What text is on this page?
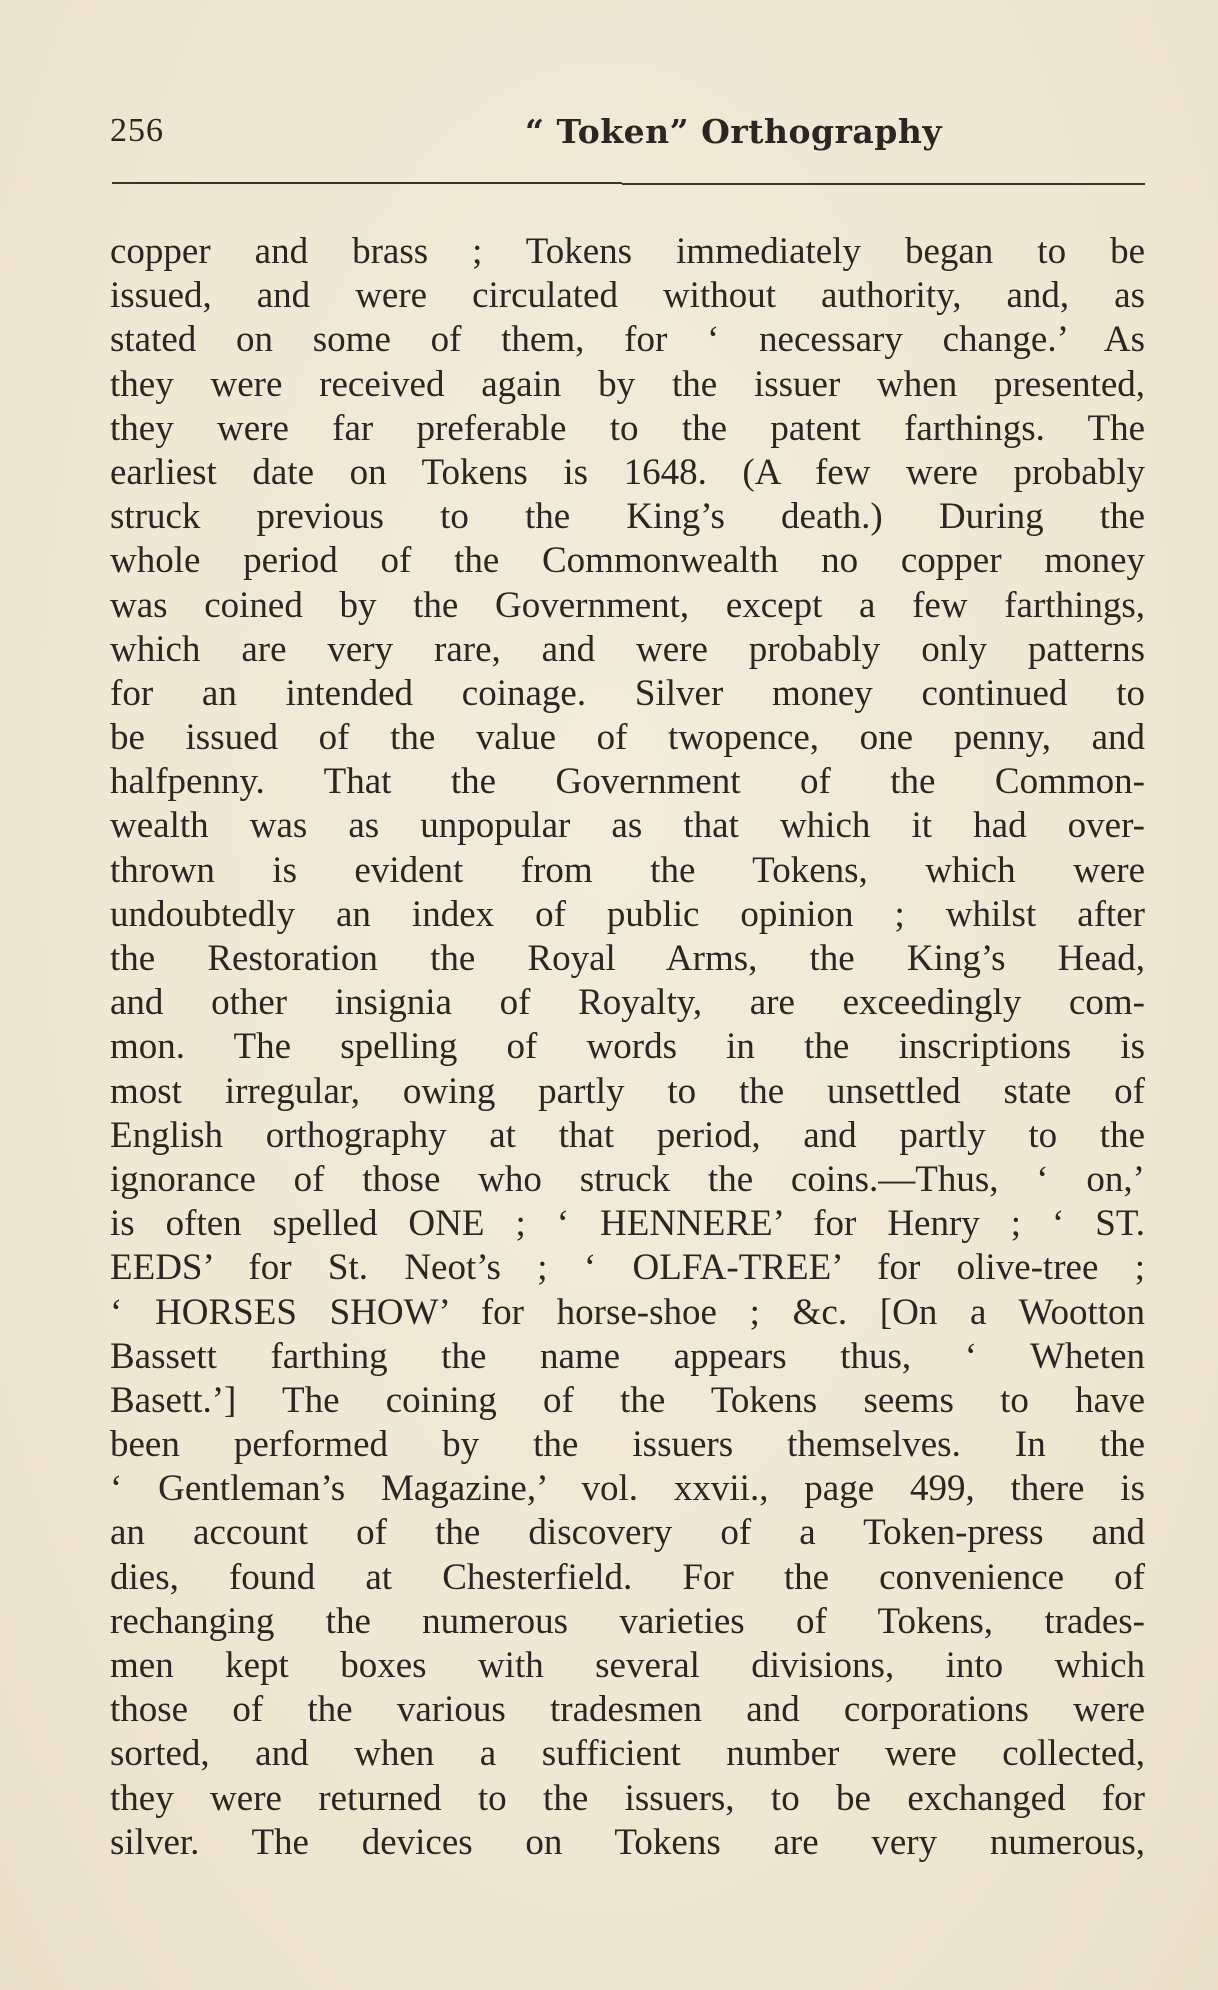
256	“ Token” Orthography
copper and brass ; Tokens immediately began to be
issued, and were circulated without authority, and, as
stated on some of them, for ‘ necessary change.’ As
they were received again by the issuer when presented,
they were far preferable to the patent farthings. The
earliest date on Tokens is 1648. (A few were probably
struck previous to the King’s death.) During the
whole period of the Commonwealth no copper money
was coined by the Government, except a few farthings,
which are very rare, and were probably only patterns
for an intended coinage. Silver money continued to
be issued of the value of twopence, one penny, and
halfpenny. That the Government of the Common-
wealth was as unpopular as that which it had over-
thrown is evident from the Tokens, which were
undoubtedly an index of public opinion ; whilst after
the Restoration the Royal Arms, the King’s Head,
and other insignia of Royalty, are exceedingly com-
mon. The spelling of words in the inscriptions is
most irregular, owing partly to the unsettled state of
English orthography at that period, and partly to the
ignorance of those who struck the coins.—Thus, ‘ on,’
is often spelled ONE ; ‘ HENNERE’ for Henry ; ‘ ST.
EEDS’ for St. Neot’s ; ‘ OLFA-TREE’ for olive-tree ;
‘ HORSES SHOW’ for horse-shoe ; &c. [On a Wootton
Bassett farthing the name appears thus, ‘ Wheten
Basett.’] The coining of the Tokens seems to have
been performed by the issuers themselves. In the
‘ Gentleman’s Magazine,’ vol. xxvii., page 499, there is
an account of the discovery of a Token-press and
dies, found at Chesterfield. For the convenience of
rechanging the numerous varieties of Tokens, trades-
men kept boxes with several divisions, into which
those of the various tradesmen and corporations were
sorted, and when a sufficient number were collected,
they were returned to the issuers, to be exchanged for
silver. The devices on Tokens are very numerous,
